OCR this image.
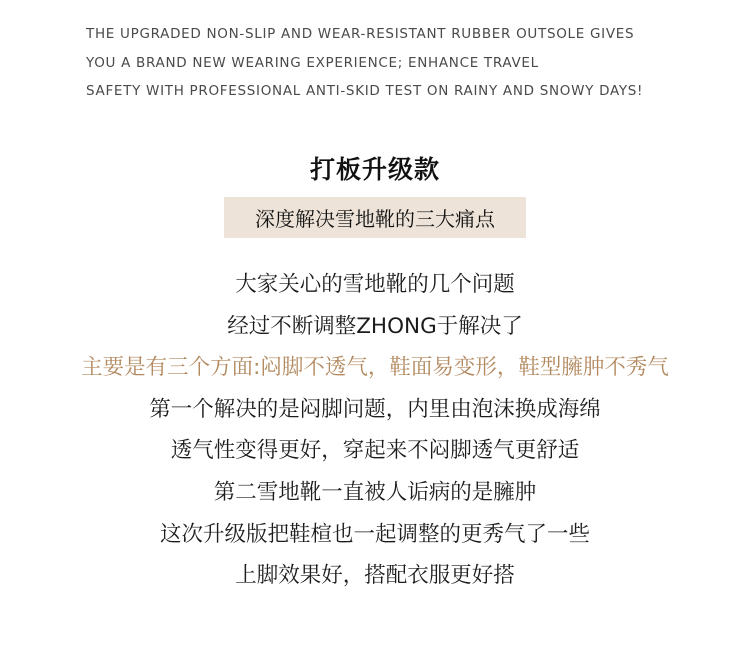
THE UPGRADED NON-SLIP AND WEAR-RESISTANT RUBBER OUTSOLE GIVES
YOU A BRAND NEW WEARING EXPERIENCE; ENHANCE TRAVEL
SAFETY WITH PROFESSIONAL ANTI-SKID TEST ON RAINY AND SNOWY DAYS!
打板升级款
深度解决雪地靴的三大痛点
大家关心的雪地靴的几个问题
经过不断调整ZHONG于解决了
主要是有三个方面:闷脚不透气，鞋面易变形，鞋型臃肿不秀气
第一个解决的是闷脚问题，内里由泡沫换成海绵
透气性变得更好，穿起来不闷脚透气更舒适
第二雪地靴一直被人诟病的是臃肿
这次升级版把鞋楦也一起调整的更秀气了一些
上脚效果好，搭配衣服更好搭
